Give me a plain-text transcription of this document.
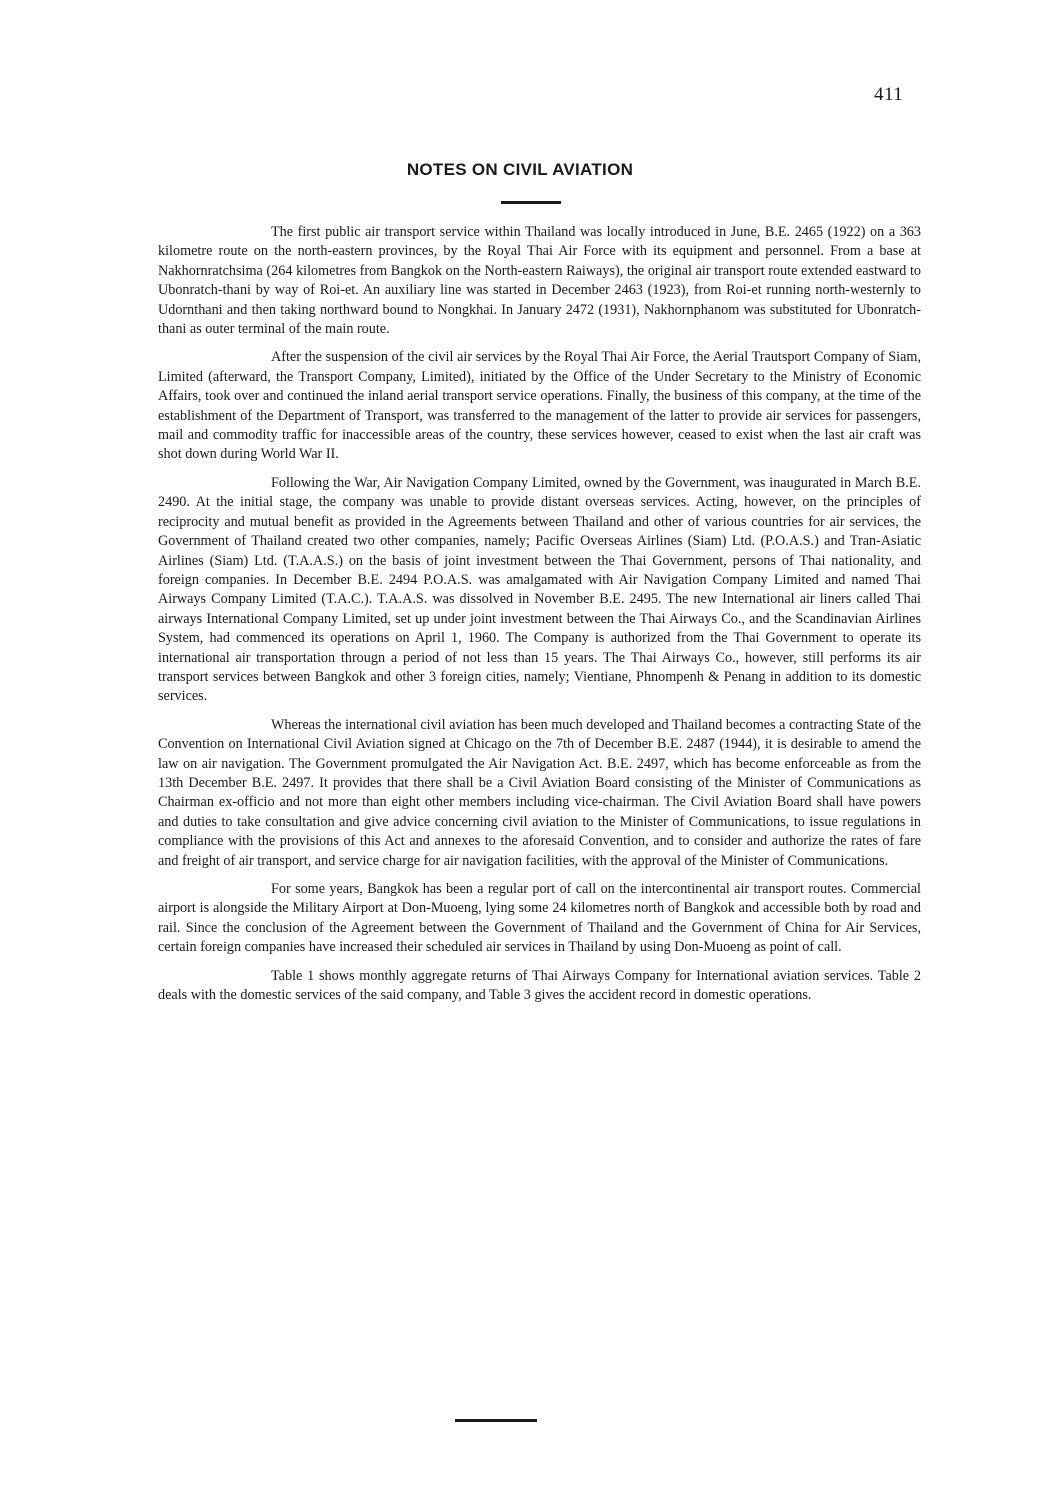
411
NOTES ON CIVIL AVIATION

The first public air transport service within Thailand was locally introduced in June, B.E. 2465 (1922) on a 363 kilometre route on the north-eastern provinces, by the Royal Thai Air Force with its equipment and personnel. From a base at Nakhornratchsima (264 kilometres from Bangkok on the North-eastern Raiways), the original air transport route extended eastward to Ubonratch-thani by way of Roi-et. An auxiliary line was started in December 2463 (1923), from Roi-et running north-westernly to Udornthani and then taking northward bound to Nongkhai. In January 2472 (1931), Nakhornphanom was substituted for Ubonratch-thani as outer terminal of the main route.

After the suspension of the civil air services by the Royal Thai Air Force, the Aerial Trautsport Company of Siam, Limited (afterward, the Transport Company, Limited), initiated by the Office of the Under Secretary to the Ministry of Economic Affairs, took over and continued the inland aerial transport service operations. Finally, the business of this company, at the time of the establishment of the Department of Transport, was transferred to the management of the latter to provide air services for passengers, mail and commodity traffic for inaccessible areas of the country, these services however, ceased to exist when the last air craft was shot down during World War II.

Following the War, Air Navigation Company Limited, owned by the Government, was inaugurated in March B.E. 2490. At the initial stage, the company was unable to provide distant overseas services. Acting, however, on the principles of reciprocity and mutual benefit as provided in the Agreements between Thailand and other of various countries for air services, the Government of Thailand created two other companies, namely; Pacific Overseas Airlines (Siam) Ltd. (P.O.A.S.) and Tran-Asiatic Airlines (Siam) Ltd. (T.A.A.S.) on the basis of joint investment between the Thai Government, persons of Thai nationality, and foreign companies. In December B.E. 2494 P.O.A.S. was amalgamated with Air Navigation Company Limited and named Thai Airways Company Limited (T.A.C.). T.A.A.S. was dissolved in November B.E. 2495. The new International air liners called Thai airways International Company Limited, set up under joint investment between the Thai Airways Co., and the Scandinavian Airlines System, had commenced its operations on April 1, 1960. The Company is authorized from the Thai Government to operate its international air transportation througn a period of not less than 15 years. The Thai Airways Co., however, still performs its air transport services between Bangkok and other 3 foreign cities, namely; Vientiane, Phnompenh & Penang in addition to its domestic services.

Whereas the international civil aviation has been much developed and Thailand becomes a contracting State of the Convention on International Civil Aviation signed at Chicago on the 7th of December B.E. 2487 (1944), it is desirable to amend the law on air navigation. The Government promulgated the Air Navigation Act. B.E. 2497, which has become enforceable as from the 13th December B.E. 2497. It provides that there shall be a Civil Aviation Board consisting of the Minister of Communications as Chairman ex-officio and not more than eight other members including vice-chairman. The Civil Aviation Board shall have powers and duties to take consultation and give advice concerning civil aviation to the Minister of Communications, to issue regulations in compliance with the provisions of this Act and annexes to the aforesaid Convention, and to consider and authorize the rates of fare and freight of air transport, and service charge for air navigation facilities, with the approval of the Minister of Communications.

For some years, Bangkok has been a regular port of call on the intercontinental air transport routes. Commercial airport is alongside the Military Airport at Don-Muoeng, lying some 24 kilometres north of Bangkok and accessible both by road and rail. Since the conclusion of the Agreement between the Government of Thailand and the Government of China for Air Services, certain foreign companies have increased their scheduled air services in Thailand by using Don-Muoeng as point of call.

Table 1 shows monthly aggregate returns of Thai Airways Company for International aviation services. Table 2 deals with the domestic services of the said company, and Table 3 gives the accident record in domestic operations.
